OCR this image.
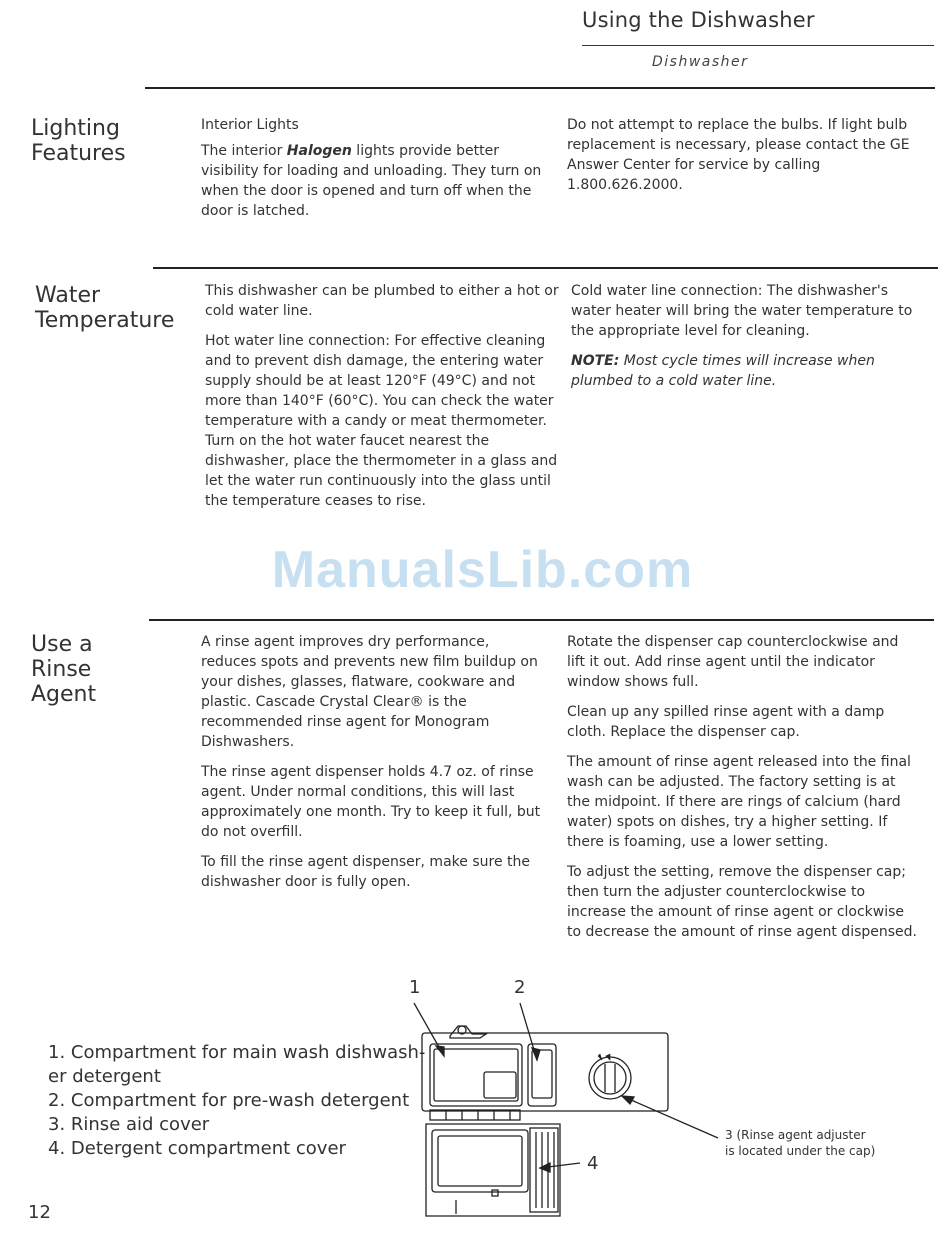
Using the Dishwasher
Dishwasher
Lighting
Features

Interior Lights

The interior Halogen lights provide better visibility for loading and unloading. They turn on when the door is opened and turn off when the door is latched.

Do not attempt to replace the bulbs. If light bulb replacement is necessary, please contact the GE Answer Center for service by calling 1.800.626.2000.

Water
Temperature

This dishwasher can be plumbed to either a hot or cold water line.

Hot water line connection: For effective cleaning and to prevent dish damage, the entering water supply should be at least 120°F (49°C) and not more than 140°F (60°C). You can check the water temperature with a candy or meat thermometer. Turn on the hot water faucet nearest the dishwasher, place the thermometer in a glass and let the water run continuously into the glass until the temperature ceases to rise.

Cold water line connection: The dishwasher's water heater will bring the water temperature to the appropriate level for cleaning.

NOTE: Most cycle times will increase when plumbed to a cold water line.

ManualsLib.com
Use a
Rinse
Agent

A rinse agent improves dry performance, reduces spots and prevents new film buildup on your dishes, glasses, flatware, cookware and plastic. Cascade Crystal Clear® is the recommended rinse agent for Monogram Dishwashers.

The rinse agent dispenser holds 4.7 oz. of rinse agent. Under normal conditions, this will last approximately one month. Try to keep it full, but do not overfill.

To fill the rinse agent dispenser, make sure the dishwasher door is fully open.

Rotate the dispenser cap counterclockwise and lift it out. Add rinse agent until the indicator window shows full.

Clean up any spilled rinse agent with a damp cloth. Replace the dispenser cap.

The amount of rinse agent released into the final wash can be adjusted. The factory setting is at the midpoint. If there are rings of calcium (hard water) spots on dishes, try a higher setting. If there is foaming, use a lower setting.

To adjust the setting, remove the dispenser cap; then turn the adjuster counterclockwise to increase the amount of rinse agent or clockwise to decrease the amount of rinse agent dispensed.

1. Compartment for main wash dishwash-
er detergent
2. Compartment for pre-wash detergent
3. Rinse aid cover
4. Detergent compartment cover
1	2
4
3 (Rinse agent adjuster
is located under the cap)
12
